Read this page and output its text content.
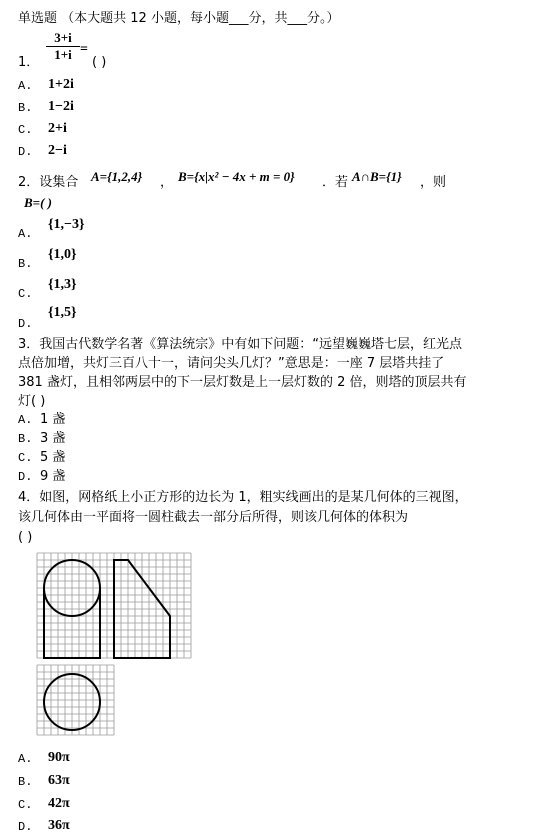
单选题 （本大题共 12 小题，每小题___分，共___分。）
1．
3+i
1+i =
( )
A. 1+2i
B. 1−2i
C. 2+i
D. 2−i
2．设集合 A={1,2,4} ， B={x|x² − 4x + m = 0} ．若 A∩B={1} ，则
B=( )
A.
{1,−3}
B.
{1,0}
C.
{1,3}
D.
{1,5}
3．我国古代数学名著《算法统宗》中有如下问题：“远望巍巍塔七层，红光点
点倍加增，共灯三百八十一，请问尖头几灯？”意思是：一座 7 层塔共挂了
381 盏灯，且相邻两层中的下一层灯数是上一层灯数的 2 倍，则塔的顶层共有
灯( )
A. 1 盏
B. 3 盏
C. 5 盏
D. 9 盏
4．如图，网格纸上小正方形的边长为 1，粗实线画出的是某几何体的三视图，
该几何体由一平面将一圆柱截去一部分后所得，则该几何体的体积为
( )
A. 90π
B. 63π
C. 42π
D. 36π
